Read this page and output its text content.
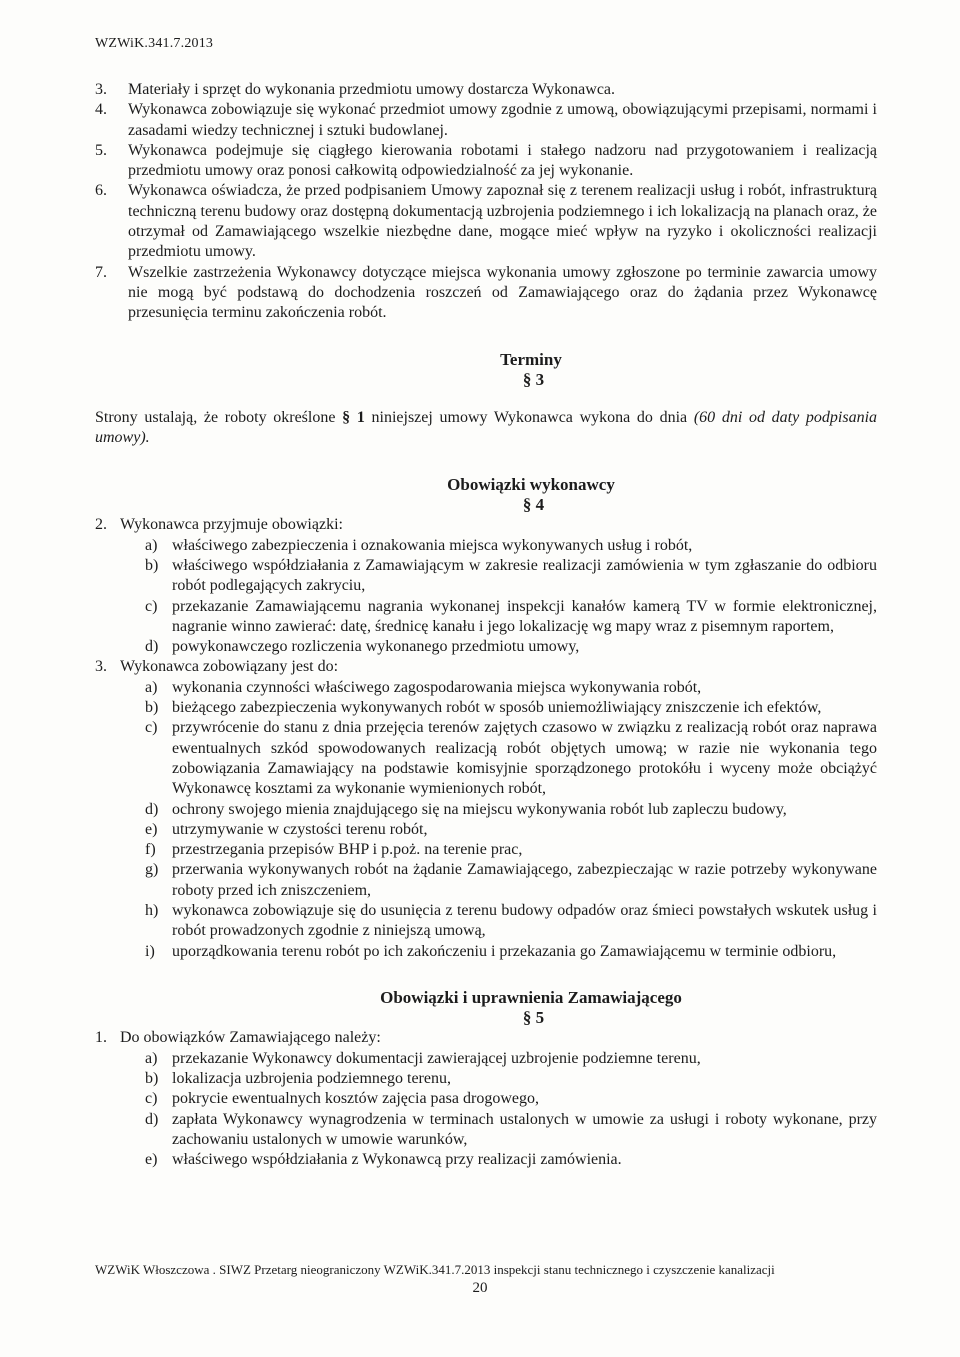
WZWiK.341.7.2013
3. Materiały i sprzęt do wykonania przedmiotu umowy dostarcza Wykonawca.
4. Wykonawca zobowiązuje się wykonać przedmiot umowy zgodnie z umową, obowiązującymi przepisami, normami i zasadami wiedzy technicznej i sztuki budowlanej.
5. Wykonawca podejmuje się ciągłego kierowania robotami i stałego nadzoru nad przygotowaniem i realizacją przedmiotu umowy oraz ponosi całkowitą odpowiedzialność za jej wykonanie.
6. Wykonawca oświadcza, że przed podpisaniem Umowy zapoznał się z terenem realizacji usług i robót, infrastrukturą techniczną terenu budowy oraz dostępną dokumentacją uzbrojenia podziemnego i ich lokalizacją na planach oraz, że otrzymał od Zamawiającego wszelkie niezbędne dane, mogące mieć wpływ na ryzyko i okoliczności realizacji przedmiotu umowy.
7. Wszelkie zastrzeżenia Wykonawcy dotyczące miejsca wykonania umowy zgłoszone po terminie zawarcia umowy nie mogą być podstawą do dochodzenia roszczeń od Zamawiającego oraz do żądania przez Wykonawcę przesunięcia terminu zakończenia robót.
Terminy
§ 3
Strony ustalają, że roboty określone § 1 niniejszej umowy Wykonawca wykona do dnia (60 dni od daty podpisania umowy).
Obowiązki wykonawcy
§ 4
2. Wykonawca przyjmuje obowiązki:
a) właściwego zabezpieczenia i oznakowania miejsca wykonywanych usług i robót,
b) właściwego współdziałania z Zamawiającym w zakresie realizacji zamówienia w tym zgłaszanie do odbioru robót podlegających zakryciu,
c) przekazanie Zamawiającemu nagrania wykonanej inspekcji kanałów kamerą TV w formie elektronicznej, nagranie winno zawierać: datę, średnicę kanału i jego lokalizację wg mapy wraz z pisemnym raportem,
d) powykonawczego rozliczenia wykonanego przedmiotu umowy,
3. Wykonawca zobowiązany jest do:
a) wykonania czynności właściwego zagospodarowania miejsca wykonywania robót,
b) bieżącego zabezpieczenia wykonywanych robót w sposób uniemożliwiający zniszczenie ich efektów,
c) przywrócenie do stanu z dnia przejęcia terenów zajętych czasowo w związku z realizacją robót oraz naprawa ewentualnych szkód spowodowanych realizacją robót objętych umową; w razie nie wykonania tego zobowiązania Zamawiający na podstawie komisyjnie sporządzonego protokółu i wyceny może obciążyć Wykonawcę kosztami za wykonanie wymienionych robót,
d) ochrony swojego mienia znajdującego się na miejscu wykonywania robót lub zapleczu budowy,
e) utrzymywanie w czystości terenu robót,
f) przestrzegania przepisów BHP i p.poż. na terenie prac,
g) przerwania wykonywanych robót na żądanie Zamawiającego, zabezpieczając w razie potrzeby wykonywane roboty przed ich zniszczeniem,
h) wykonawca zobowiązuje się do usunięcia z terenu budowy odpadów oraz śmieci powstałych wskutek usług i robót prowadzonych zgodnie z niniejszą umową,
i) uporządkowania terenu robót po ich zakończeniu i przekazania go Zamawiającemu w terminie odbioru,
Obowiązki i uprawnienia Zamawiającego
§ 5
1. Do obowiązków Zamawiającego należy:
a) przekazanie Wykonawcy dokumentacji zawierającej uzbrojenie podziemne terenu,
b) lokalizacja uzbrojenia podziemnego terenu,
c) pokrycie ewentualnych kosztów zajęcia pasa drogowego,
d) zapłata Wykonawcy wynagrodzenia w terminach ustalonych w umowie za usługi i roboty wykonane, przy zachowaniu ustalonych w umowie warunków,
e) właściwego współdziałania z Wykonawcą przy realizacji zamówienia.
WZWiK Włoszczowa . SIWZ Przetarg nieograniczony WZWiK.341.7.2013 inspekcji stanu technicznego i czyszczenie kanalizacji
20
